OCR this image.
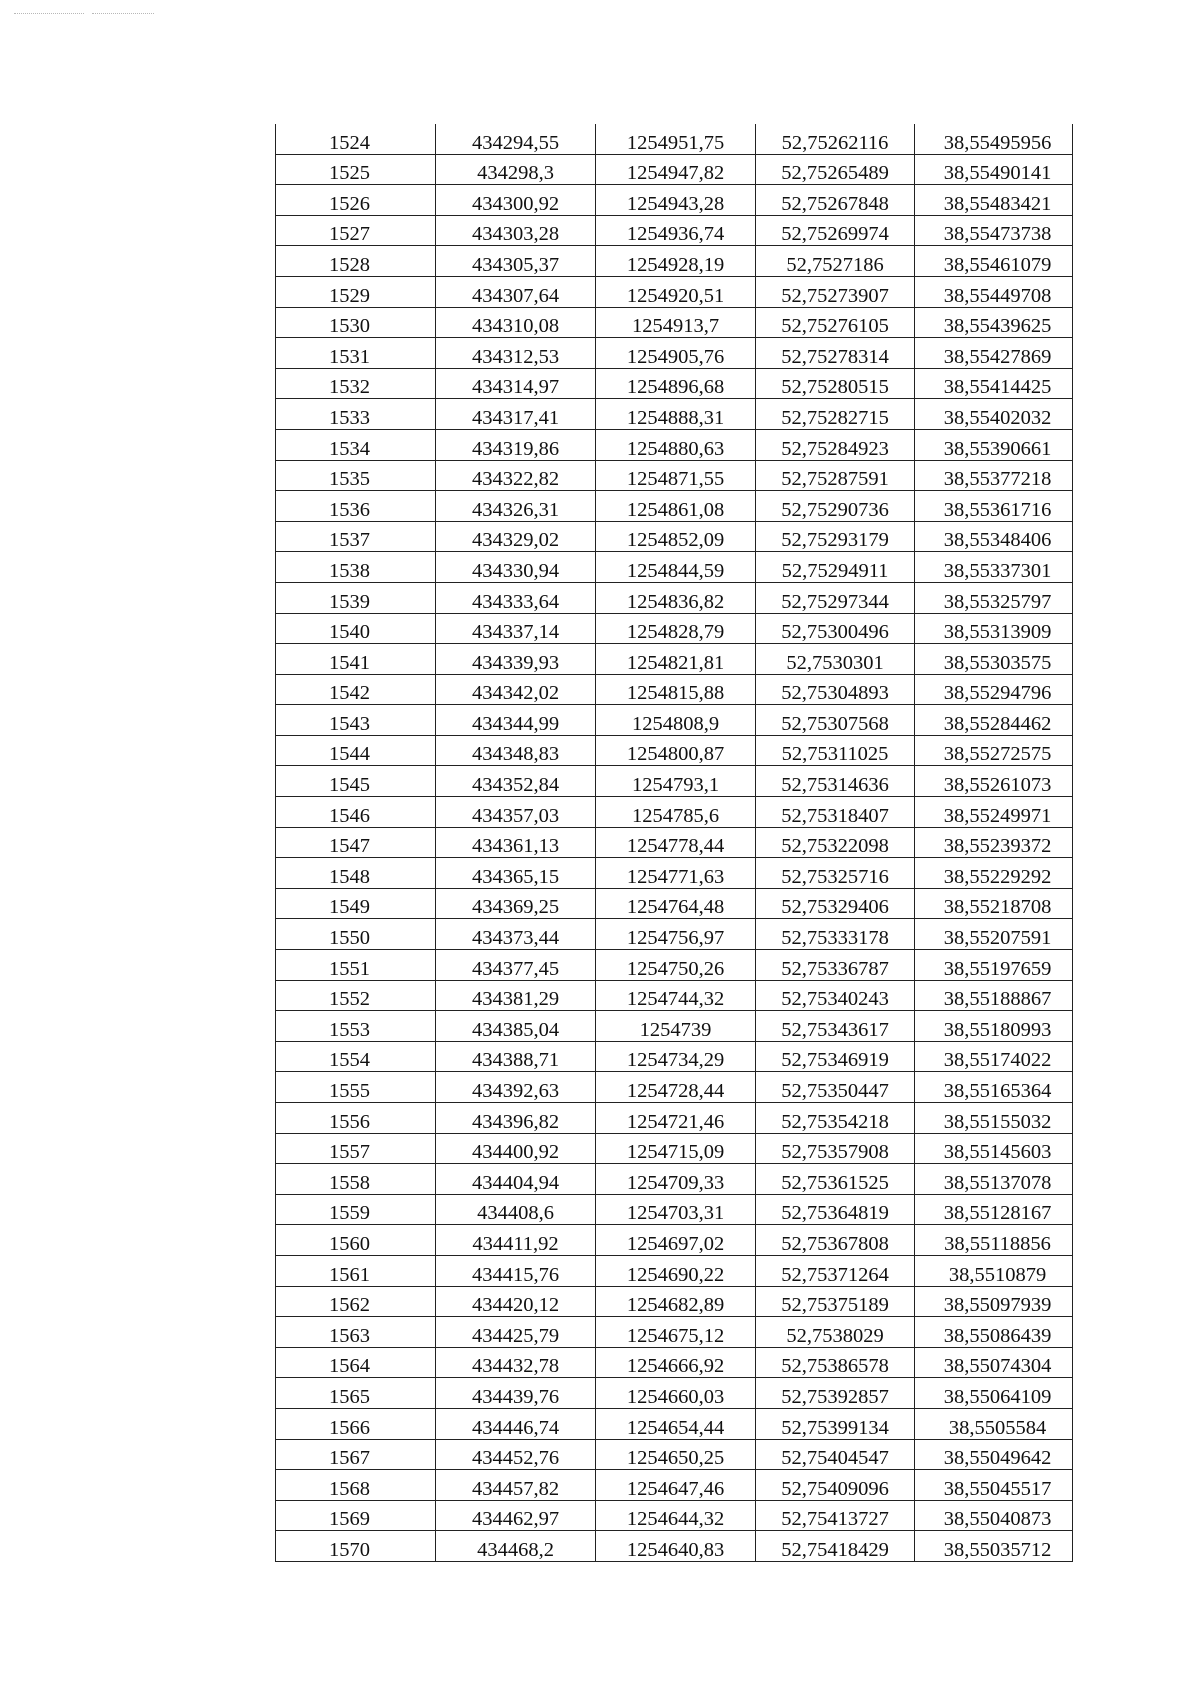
1524	434294,55	1254951,75	52,75262116	38,55495956
1525	434298,3	1254947,82	52,75265489	38,55490141
1526	434300,92	1254943,28	52,75267848	38,55483421
1527	434303,28	1254936,74	52,75269974	38,55473738
1528	434305,37	1254928,19	52,7527186	38,55461079
1529	434307,64	1254920,51	52,75273907	38,55449708
1530	434310,08	1254913,7	52,75276105	38,55439625
1531	434312,53	1254905,76	52,75278314	38,55427869
1532	434314,97	1254896,68	52,75280515	38,55414425
1533	434317,41	1254888,31	52,75282715	38,55402032
1534	434319,86	1254880,63	52,75284923	38,55390661
1535	434322,82	1254871,55	52,75287591	38,55377218
1536	434326,31	1254861,08	52,75290736	38,55361716
1537	434329,02	1254852,09	52,75293179	38,55348406
1538	434330,94	1254844,59	52,75294911	38,55337301
1539	434333,64	1254836,82	52,75297344	38,55325797
1540	434337,14	1254828,79	52,75300496	38,55313909
1541	434339,93	1254821,81	52,7530301	38,55303575
1542	434342,02	1254815,88	52,75304893	38,55294796
1543	434344,99	1254808,9	52,75307568	38,55284462
1544	434348,83	1254800,87	52,75311025	38,55272575
1545	434352,84	1254793,1	52,75314636	38,55261073
1546	434357,03	1254785,6	52,75318407	38,55249971
1547	434361,13	1254778,44	52,75322098	38,55239372
1548	434365,15	1254771,63	52,75325716	38,55229292
1549	434369,25	1254764,48	52,75329406	38,55218708
1550	434373,44	1254756,97	52,75333178	38,55207591
1551	434377,45	1254750,26	52,75336787	38,55197659
1552	434381,29	1254744,32	52,75340243	38,55188867
1553	434385,04	1254739	52,75343617	38,55180993
1554	434388,71	1254734,29	52,75346919	38,55174022
1555	434392,63	1254728,44	52,75350447	38,55165364
1556	434396,82	1254721,46	52,75354218	38,55155032
1557	434400,92	1254715,09	52,75357908	38,55145603
1558	434404,94	1254709,33	52,75361525	38,55137078
1559	434408,6	1254703,31	52,75364819	38,55128167
1560	434411,92	1254697,02	52,75367808	38,55118856
1561	434415,76	1254690,22	52,75371264	38,5510879
1562	434420,12	1254682,89	52,75375189	38,55097939
1563	434425,79	1254675,12	52,7538029	38,55086439
1564	434432,78	1254666,92	52,75386578	38,55074304
1565	434439,76	1254660,03	52,75392857	38,55064109
1566	434446,74	1254654,44	52,75399134	38,5505584
1567	434452,76	1254650,25	52,75404547	38,55049642
1568	434457,82	1254647,46	52,75409096	38,55045517
1569	434462,97	1254644,32	52,75413727	38,55040873
1570	434468,2	1254640,83	52,75418429	38,55035712
